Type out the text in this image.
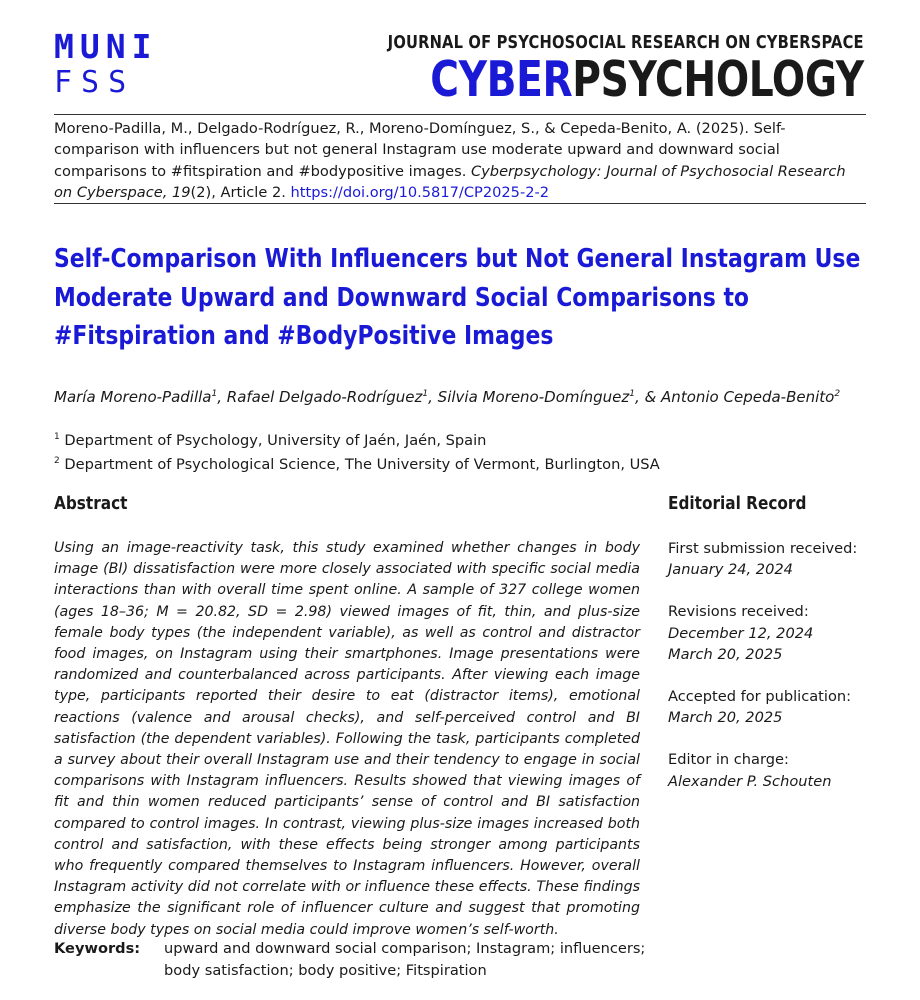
MUNI
FSS
JOURNAL OF PSYCHOSOCIAL RESEARCH ON CYBERSPACE
CYBERPSYCHOLOGY
Moreno-Padilla, M., Delgado-Rodríguez, R., Moreno-Domínguez, S., & Cepeda-Benito, A. (2025). Self-comparison with influencers but not general Instagram use moderate upward and downward social comparisons to #fitspiration and #bodypositive images. Cyberpsychology: Journal of Psychosocial Research on Cyberspace, 19(2), Article 2. https://doi.org/10.5817/CP2025-2-2
Self-Comparison With Influencers but Not General Instagram Use Moderate Upward and Downward Social Comparisons to #Fitspiration and #BodyPositive Images
María Moreno-Padilla$^1$, Rafael Delgado-Rodríguez$^1$, Silvia Moreno-Domínguez$^1$, & Antonio Cepeda-Benito$^2$
$^1$ Department of Psychology, University of Jaén, Jaén, Spain
$^2$ Department of Psychological Science, The University of Vermont, Burlington, USA
Abstract	Editorial Record
Using an image-reactivity task, this study examined whether changes in body image (BI) dissatisfaction were more closely associated with specific social media interactions than with overall time spent online. A sample of 327 college women (ages 18–36; M = 20.82, SD = 2.98) viewed images of fit, thin, and plus-size female body types (the independent variable), as well as control and distractor food images, on Instagram using their smartphones. Image presentations were randomized and counterbalanced across participants. After viewing each image type, participants reported their desire to eat (distractor items), emotional reactions (valence and arousal checks), and self-perceived control and BI satisfaction (the dependent variables). Following the task, participants completed a survey about their overall Instagram use and their tendency to engage in social comparisons with Instagram influencers. Results showed that viewing images of fit and thin women reduced participants’ sense of control and BI satisfaction compared to control images. In contrast, viewing plus-size images increased both control and satisfaction, with these effects being stronger among participants who frequently compared themselves to Instagram influencers. However, overall Instagram activity did not correlate with or influence these effects. These findings emphasize the significant role of influencer culture and suggest that promoting diverse body types on social media could improve women’s self-worth.
First submission received:
January 24, 2024
Revisions received:
December 12, 2024
March 20, 2025
Accepted for publication:
March 20, 2025
Editor in charge:
Alexander P. Schouten
Keywords: upward and downward social comparison; Instagram; influencers; body satisfaction; body positive; Fitspiration
